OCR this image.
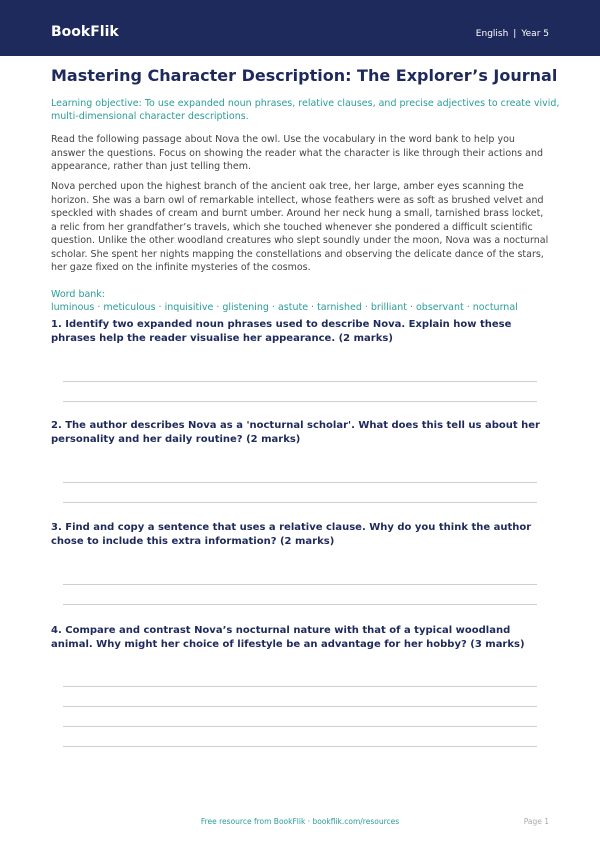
BookFlik	English | Year 5
Mastering Character Description: The Explorer’s Journal
Learning objective: To use expanded noun phrases, relative clauses, and precise adjectives to create vivid, multi-dimensional character descriptions.
Read the following passage about Nova the owl. Use the vocabulary in the word bank to help you answer the questions. Focus on showing the reader what the character is like through their actions and appearance, rather than just telling them.
Nova perched upon the highest branch of the ancient oak tree, her large, amber eyes scanning the horizon. She was a barn owl of remarkable intellect, whose feathers were as soft as brushed velvet and speckled with shades of cream and burnt umber. Around her neck hung a small, tarnished brass locket, a relic from her grandfather’s travels, which she touched whenever she pondered a difficult scientific question. Unlike the other woodland creatures who slept soundly under the moon, Nova was a nocturnal scholar. She spent her nights mapping the constellations and observing the delicate dance of the stars, her gaze fixed on the infinite mysteries of the cosmos.
Word bank: luminous · meticulous · inquisitive · glistening · astute · tarnished · brilliant · observant · nocturnal
1. Identify two expanded noun phrases used to describe Nova. Explain how these phrases help the reader visualise her appearance. (2 marks)
2. The author describes Nova as a 'nocturnal scholar'. What does this tell us about her personality and her daily routine? (2 marks)
3. Find and copy a sentence that uses a relative clause. Why do you think the author chose to include this extra information? (2 marks)
4. Compare and contrast Nova’s nocturnal nature with that of a typical woodland animal. Why might her choice of lifestyle be an advantage for her hobby? (3 marks)
Free resource from BookFlik · bookflik.com/resources	Page 1
